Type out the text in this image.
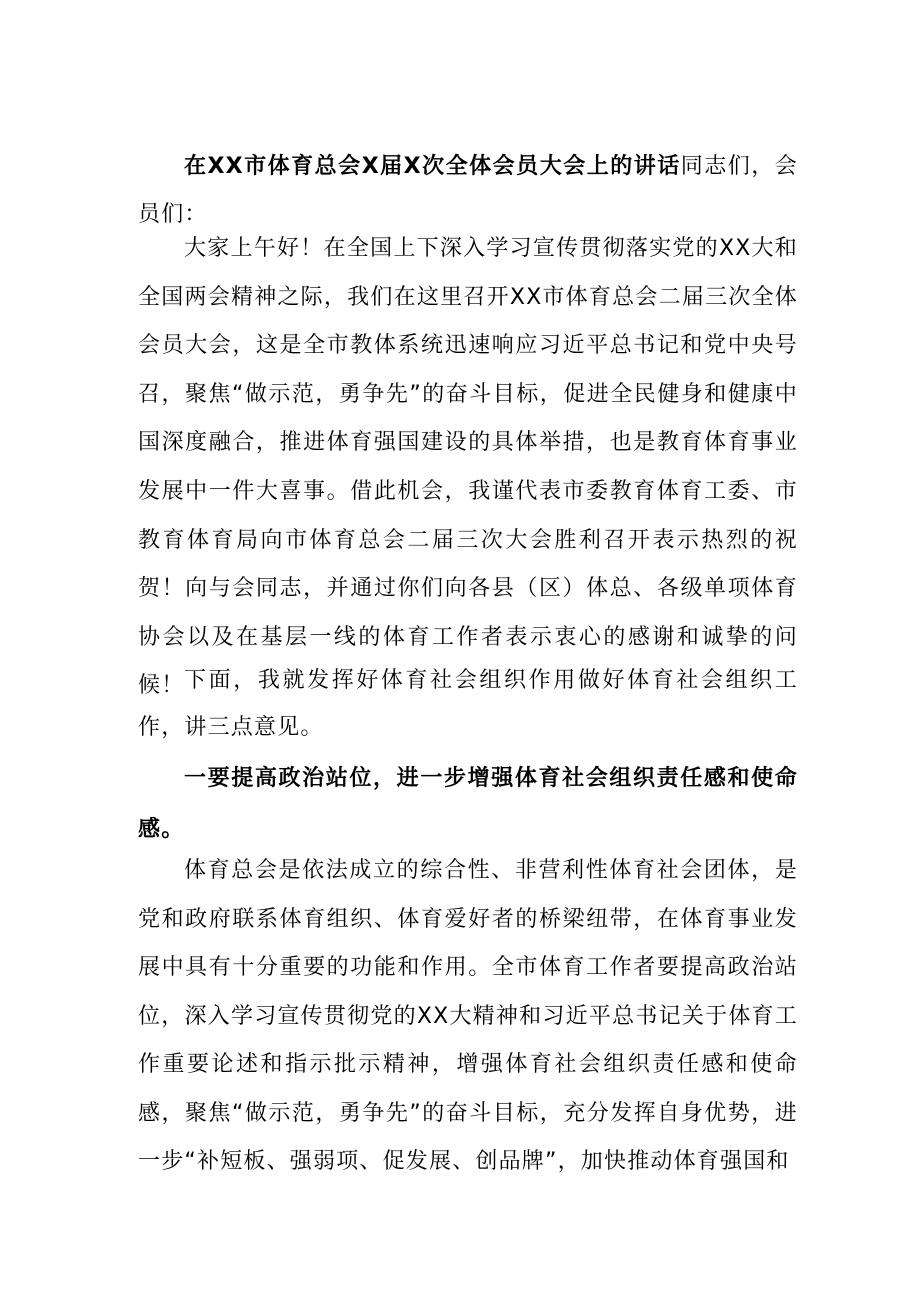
在XX市体育总会X届X次全体会员大会上的讲话同志们，会员们：

大家上午好！在全国上下深入学习宣传贯彻落实党的XX大和全国两会精神之际，我们在这里召开XX市体育总会二届三次全体会员大会，这是全市教体系统迅速响应习近平总书记和党中央号召，聚焦“做示范，勇争先”的奋斗目标，促进全民健身和健康中国深度融合，推进体育强国建设的具体举措，也是教育体育事业发展中一件大喜事。借此机会，我谨代表市委教育体育工委、市教育体育局向市体育总会二届三次大会胜利召开表示热烈的祝贺！向与会同志，并通过你们向各县（区）体总、各级单项体育协会以及在基层一线的体育工作者表示衷心的感谢和诚挚的问候！ 下面，我就发挥好体育社会组织作用做好体育社会组织工作，讲三点意见。

一要提高政治站位，进一步增强体育社会组织责任感和使命感。

体育总会是依法成立的综合性、非营利性体育社会团体，是党和政府联系体育组织、体育爱好者的桥梁纽带，在体育事业发展中具有十分重要的功能和作用。全市体育工作者要提高政治站位，深入学习宣传贯彻党的XX大精神和习近平总书记关于体育工作重要论述和指示批示精神，增强体育社会组织责任感和使命感，聚焦“做示范，勇争先”的奋斗目标，充分发挥自身优势，进一步“补短板、强弱项、促发展、创品牌”，加快推动体育强国和
